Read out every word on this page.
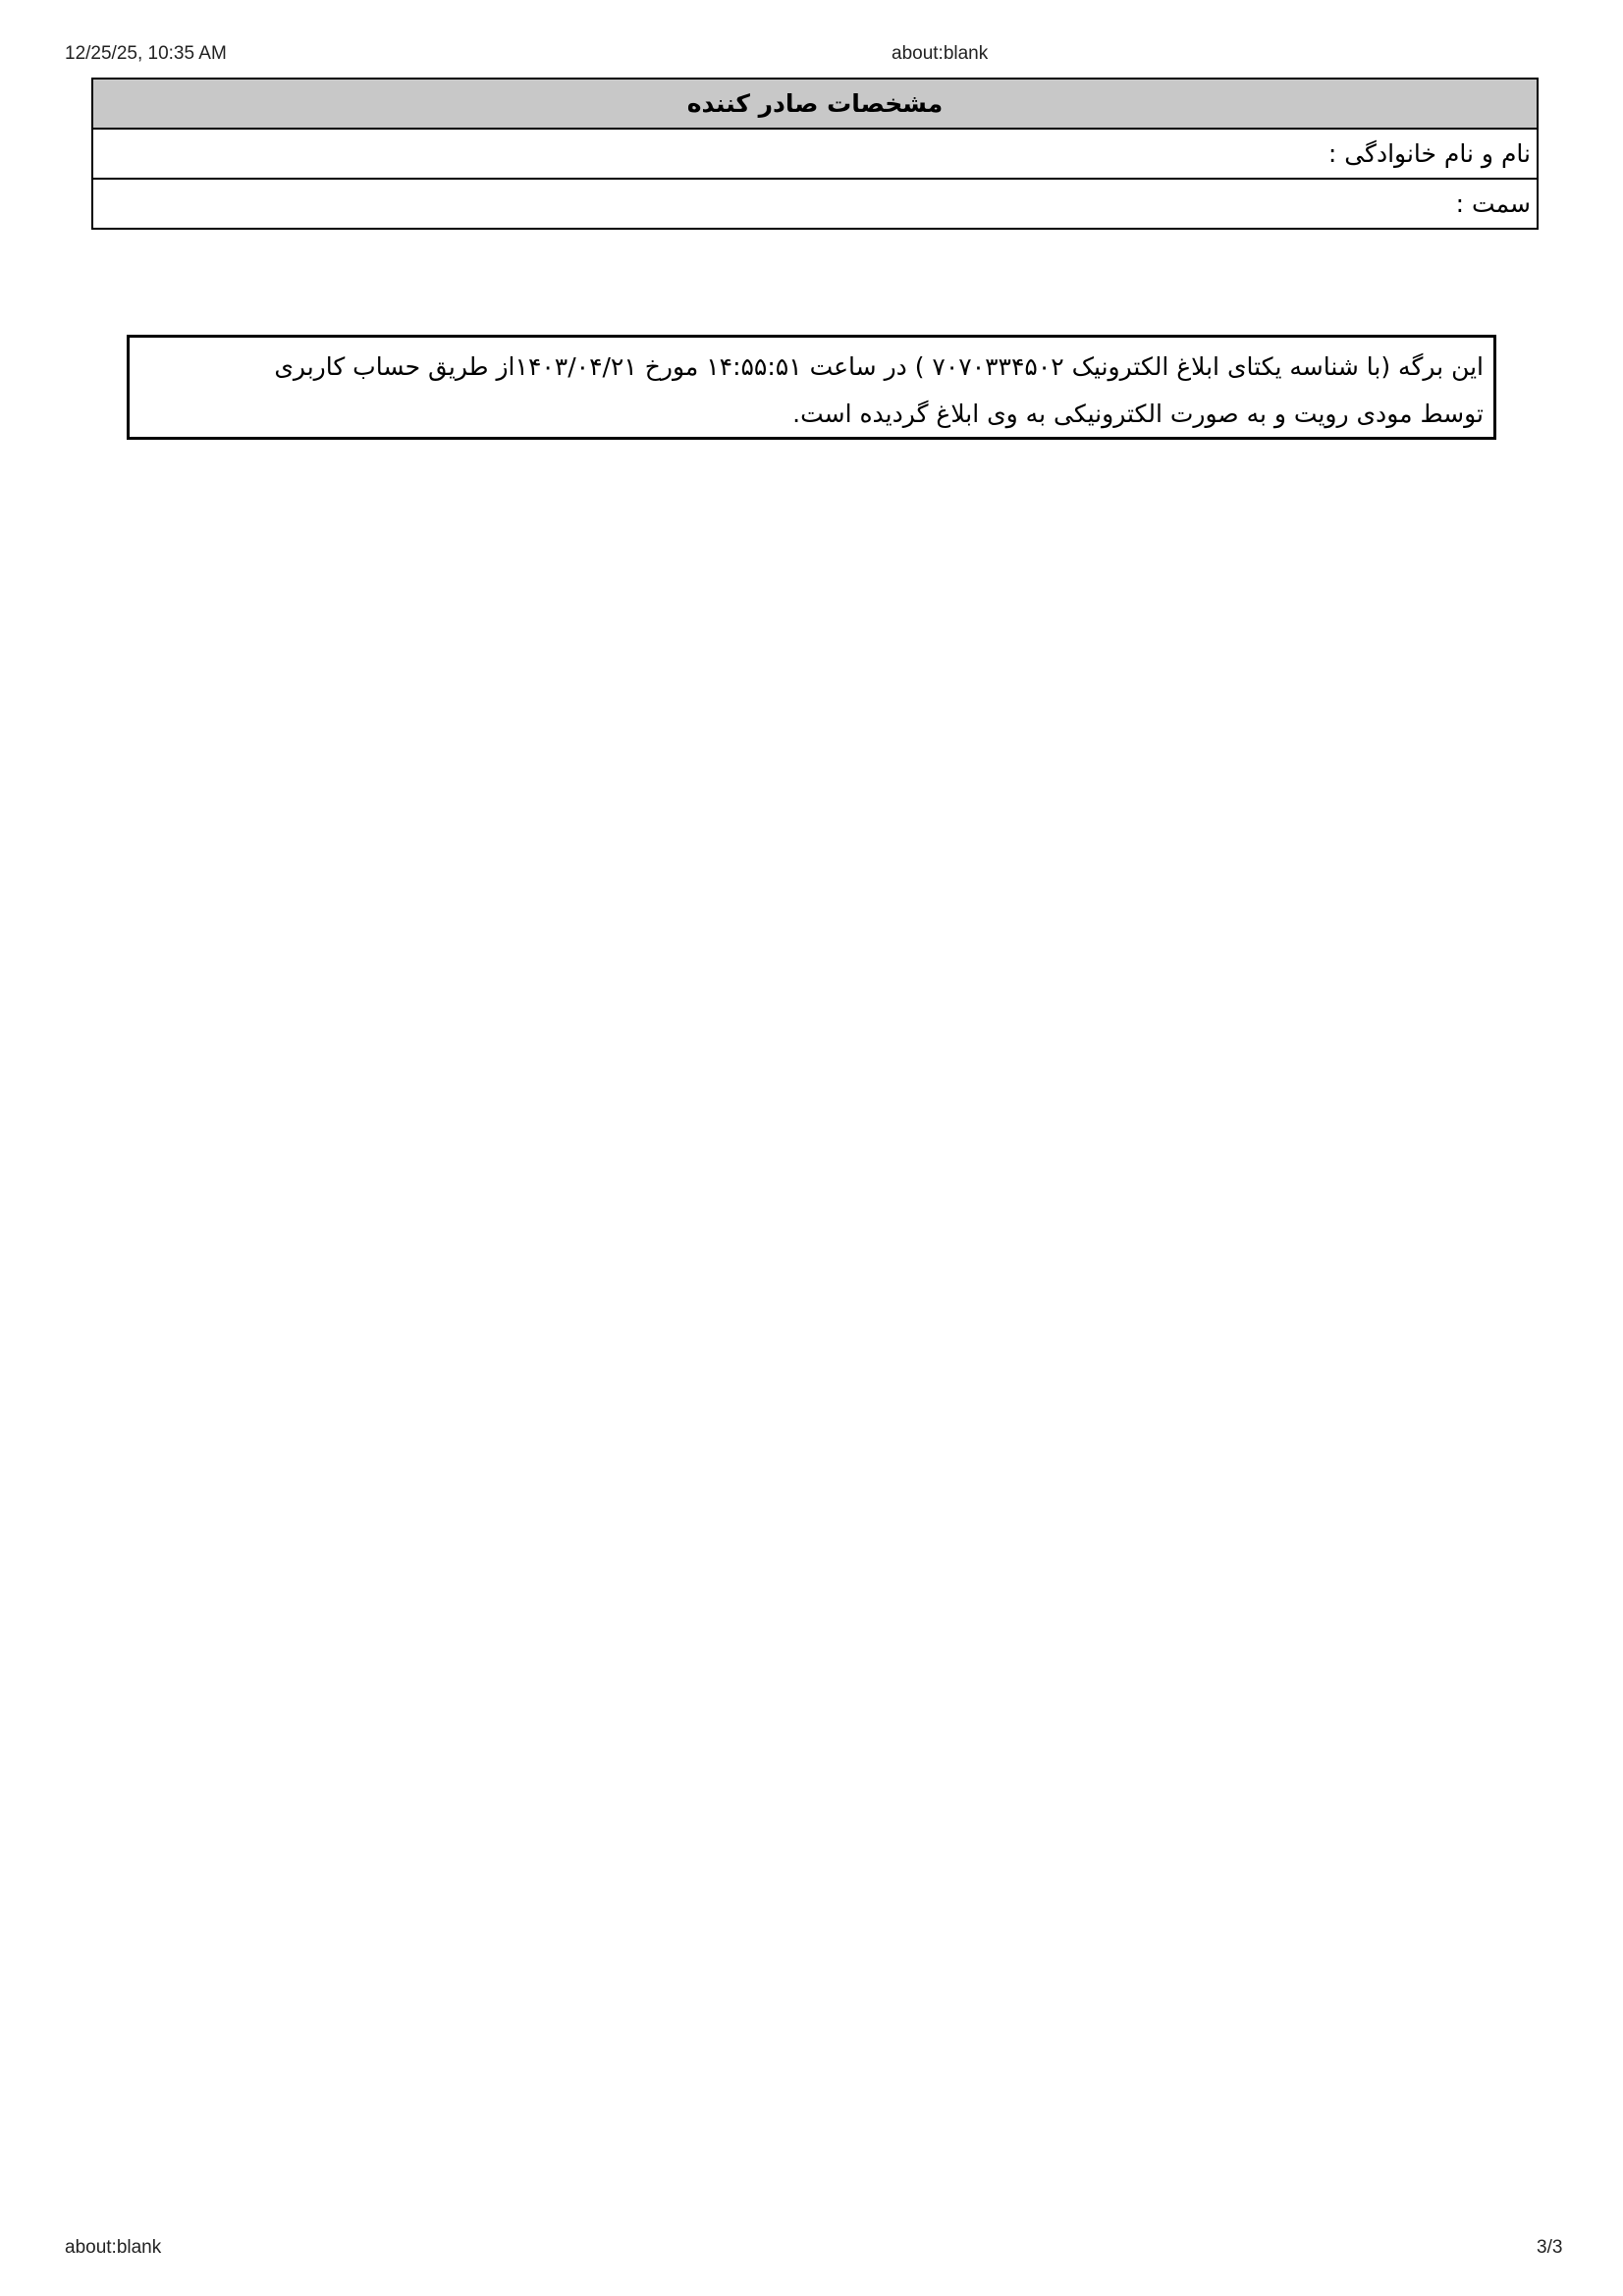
12/25/25, 10:35 AM	about:blank
مشخصات صادر کننده
نام و نام خانوادگی :
سمت :
این برگه (با شناسه یکتای ابلاغ الکترونیک ۷۰۷۰۳۳۴۵۰۲ ) در ساعت ۱۴:۵۵:۵۱ مورخ ۱۴۰۳/۰۴/۲۱از طریق حساب کاربری
توسط مودی رویت و به صورت الکترونیکی به وی ابلاغ گردیده است.
about:blank	3/3
